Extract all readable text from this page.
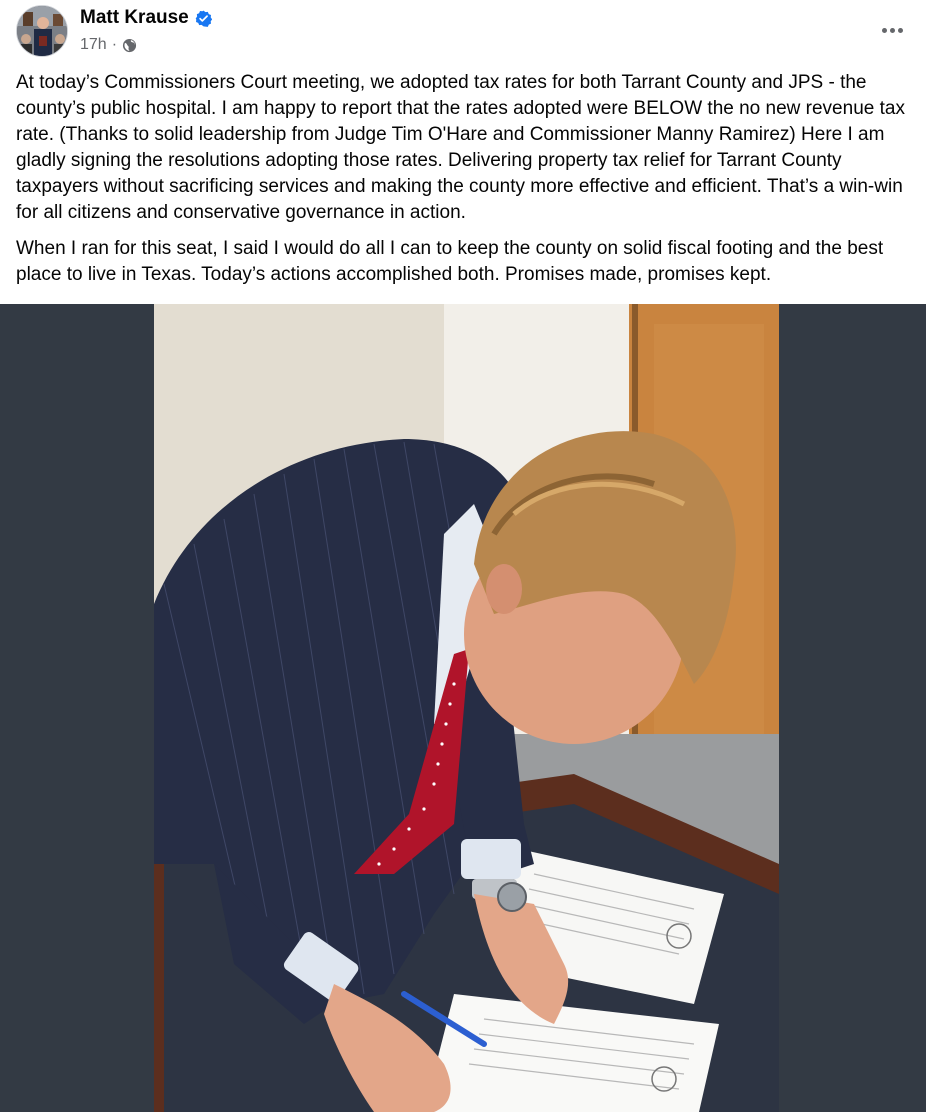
Matt Krause
17h ·

At today’s Commissioners Court meeting, we adopted tax rates for both Tarrant County and JPS - the county’s public hospital. I am happy to report that the rates adopted were BELOW the no new revenue tax rate. (Thanks to solid leadership from Judge Tim O'Hare and Commissioner Manny Ramirez) Here I am gladly signing the resolutions adopting those rates. Delivering property tax relief for Tarrant County taxpayers without sacrificing services and making the county more effective and efficient. That’s a win-win for all citizens and conservative governance in action.

When I ran for this seat, I said I would do all I can to keep the county on solid fiscal footing and the best place to live in Texas. Today’s actions accomplished both. Promises made, promises kept.
